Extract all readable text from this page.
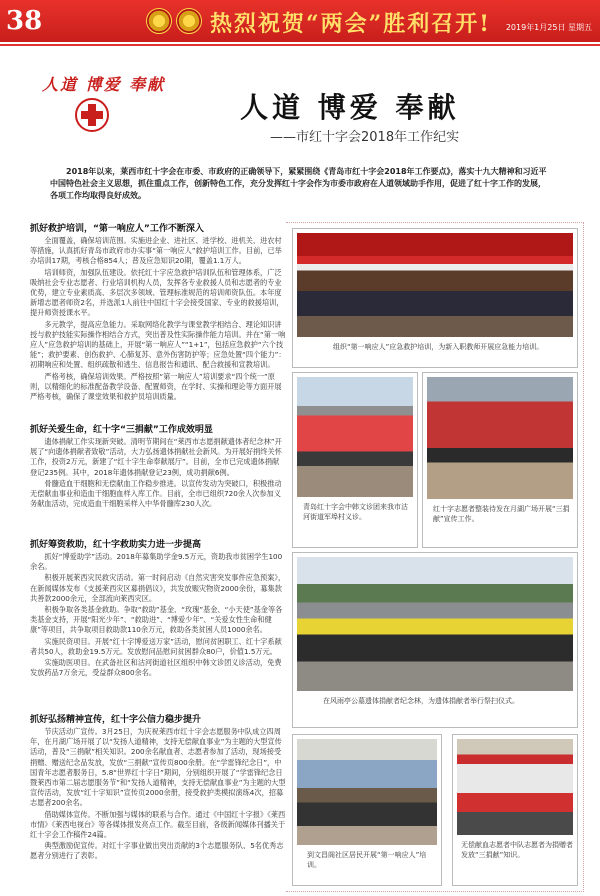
38	热烈祝贺“两会”胜利召开! 2019年1月25日 星期五
人道 博爱 奉献
人道 博爱 奉献
——市红十字会2018年工作纪实

2018年以来，莱西市红十字会在市委、市政府的正确领导下，紧紧围绕《青岛市红十字会2018年工作要点》，落实十九大精神和习近平中国特色社会主义思想，抓住重点工作，创新特色工作，充分发挥红十字会作为市委市政府在人道领域助手作用，促进了红十字工作的发展，各项工作均取得良好成效。

抓好救护培训，“第一响应人”工作不断深入

全面覆盖，确保培训范围。实施进企业、进社区、进学校、进机关、进农村等措施，认真抓好青岛市政府市办实事“第一响应人”救护培训工作。目前，已举办培训17期，考核合格854人；普及应急知识20期，覆盖1.1万人。

培训师资，加强队伍建设。依托红十字应急救护培训队伍和管理体系，广泛吸纳社会专业志愿者、行业培训机构人员，发挥各专业救援人员和志愿者的专业优势，建立专业素质高、多层次多领域、管理标准规范的培训师资队伍。本年度新增志愿者师资2名，并选派1人前往中国红十字会接受国家、专业的救援培训，提升师资授课水平。

多元教学，提高应急能力。采取网络化教学与课堂教学相结合、理论知识讲授与救护技能实际操作相结合方式，突出普及性实际操作能力培训。并在“第一响应人”应急救护培训的基础上，开展“第一响应人”“1+1”，包括应急救护“六个技能”；救护要素、创伤救护、心肺复苏、意外伤害防护等；应急处置“四个能力”：初期响应和处置、组织疏散和逃生、信息报告和通讯、配合救援和宣教培训。

严格考核，确保培训效果。严格按照“第一响应人”培训要求“四个统一”原则，以精细化的标准配备教学设备、配置师资，在学时、实操和理论等方面开展严格考核，确保了课堂效果和救护员培训质量。

抓好关爱生命，红十字“三捐献”工作成效明显

遗体捐献工作实现新突破。清明节期间在“莱西市志愿捐献遗体者纪念林”开展了“向遗体捐献者致敬”活动，大力弘扬遗体捐献社会新风。为开展好捐终关怀工作，投资2万元，新建了“红十字生命奉献展厅”。目前，全市已完成遗体捐献登记235例。其中，2018年遗体捐献登记23例，成功捐献6例。

骨髓造血干细胞和无偿献血工作稳步推进。以宣传发动为突破口，积极推动无偿献血事业和造血干细胞血样入库工作。目前，全市已组织720余人次参加义务献血活动，完成造血干细胞采样入中华骨髓库230人次。

抓好筹资救助，红十字救助实力进一步提高

抓好“博爱助学”活动。2018年募集助学金9.5万元，资助我市贫困学生100余名。

积极开展莱西灾民救灾活动。第一时间启动《自然灾害突发事件应急预案》，在新闻媒体发布《支援莱西灾区募捐倡议》，共发放赈灾物资2000余份，募集款共善款2000余元，全部流向莱西灾区。

积极争取各类基金救助。争取“救助”基金、“玫瑰”基金、“小天使”基金等各类基金支持，开展“阳光少年”、“救助进”、“博爱少年”、“关爱女性生命和健康”等项目，共争取项目救助款110余万元，救助各类贫困人员1000余名。

实施民资项目。开展“红十字博爱送万家”活动，慰问贫困职工、红十字系献者共50人，救助金19.5万元。发放慰问品慰问贫困群众80户，价值1.5万元。

实施助医项目。在武备社区和沽河街道社区组织中韩文诊团义诊活动，免费发放药品7万余元，受益群众800余名。

抓好弘扬精神宣传，红十字公信力稳步提升

节庆活动广宣传。3月25日，为庆祝莱西市红十字会志愿服务中队成立四周年，在月湖广场开展了以“发扬人道精神，支持无偿献血事业”为主题的大型宣传活动，普及“三捐献”相关知识。200余名献血者、志愿者参加了活动，现场接受捐赠、赠送纪念品发放，发放“三捐献”宣传页800余册。在“学雷锋纪念日”，中国青年志愿者服务日，5.8“世界红十字日”期间，分别组织开展了“学雷锋纪念日暨莱西市第二届志愿服务节”和“发扬人道精神，支持无偿献血事业”为主题的大型宣传活动，发放“红十字知识”宣传页2000余册，接受救护类模拟演练4次，招募志愿者200余名。

借助媒体宣传。不断加强与媒体的联系与合作。通过《中国红十字报》《莱西市情》《莱西电视台》等各媒体报发亮点工作。截至目前，各级新闻媒体刊播关于红十字会工作稿件24篇。

典型激励促宣传。对红十字事业做出突出贡献的3个志愿服务队、5名优秀志愿者分别进行了表彰。

组织“第一响应人”应急救护培训，为新入职教师开展应急能力培训。
青岛红十字会中韩文诊团来我市沽河街道军埠村义诊。
红十字志愿者整装待发在月湖广场开展“三捐献”宣传工作。
在风雨亭公墓遗体捐献者纪念林，为遗体捐献者举行祭扫仪式。
到文昌阁社区居民开展“第一响应人”培训。
无偿献血志愿者中队志愿者为捐赠者发放“三捐献”知识。
